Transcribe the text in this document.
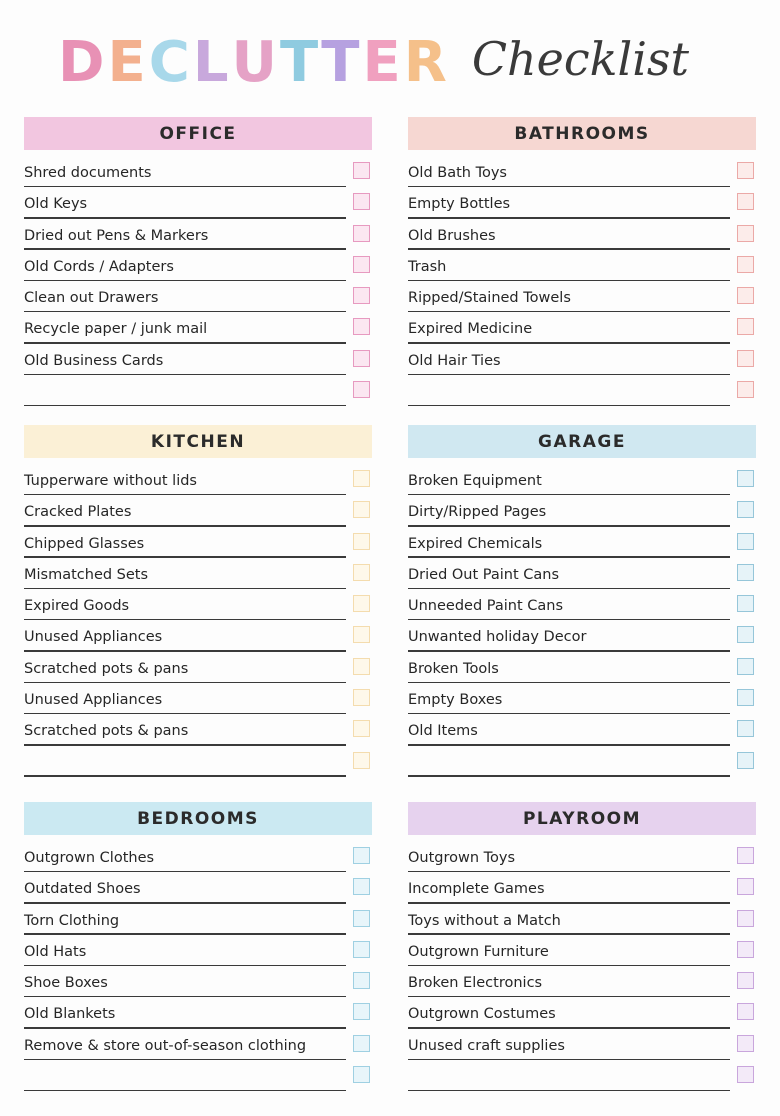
DECLUTTER Checklist
OFFICE
Shred documents
Old Keys
Dried out Pens & Markers
Old Cords / Adapters
Clean out Drawers
Recycle paper / junk mail
Old Business Cards
BATHROOMS
Old Bath Toys
Empty Bottles
Old Brushes
Trash
Ripped/Stained Towels
Expired Medicine
Old Hair Ties
KITCHEN
Tupperware without lids
Cracked Plates
Chipped Glasses
Mismatched Sets
Expired Goods
Unused Appliances
Scratched pots & pans
Unused Appliances
Scratched pots & pans
GARAGE
Broken Equipment
Dirty/Ripped Pages
Expired Chemicals
Dried Out Paint Cans
Unneeded Paint Cans
Unwanted holiday Decor
Broken Tools
Empty Boxes
Old Items
BEDROOMS
Outgrown Clothes
Outdated Shoes
Torn Clothing
Old Hats
Shoe Boxes
Old Blankets
Remove & store out-of-season clothing
PLAYROOM
Outgrown Toys
Incomplete Games
Toys without a Match
Outgrown Furniture
Broken Electronics
Outgrown Costumes
Unused craft supplies
